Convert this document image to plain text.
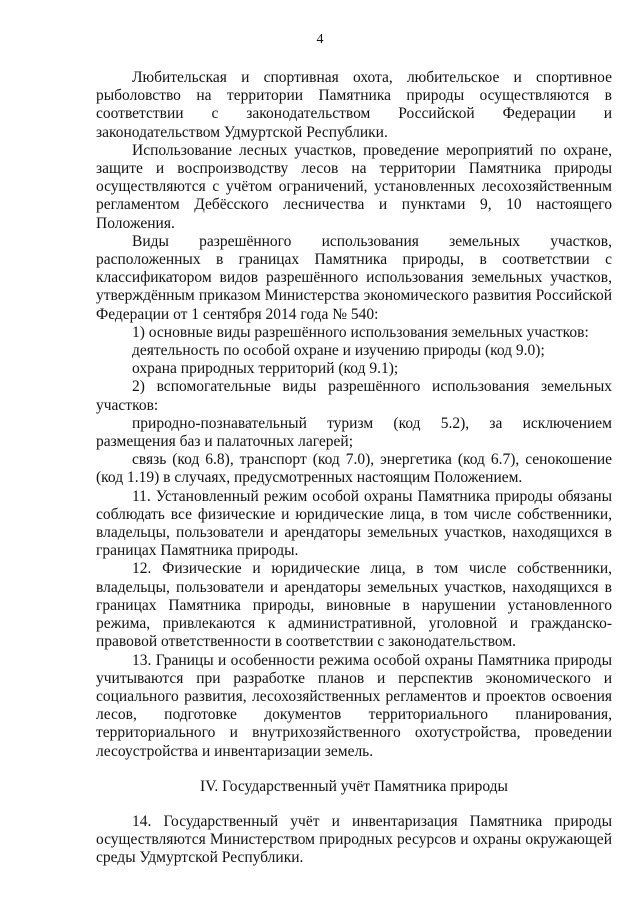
4

Любительская и спортивная охота, любительское и спортивное рыболовство на территории Памятника природы осуществляются в соответствии с законодательством Российской Федерации и законодательством Удмуртской Республики.

Использование лесных участков, проведение мероприятий по охране, защите и воспроизводству лесов на территории Памятника природы осуществляются с учётом ограничений, установленных лесохозяйственным регламентом Дебёсского лесничества и пунктами 9, 10 настоящего Положения.

Виды разрешённого использования земельных участков, расположенных в границах Памятника природы, в соответствии с классификатором видов разрешённого использования земельных участков, утверждённым приказом Министерства экономического развития Российской Федерации от 1 сентября 2014 года № 540:

1) основные виды разрешённого использования земельных участков:

деятельность по особой охране и изучению природы (код 9.0);

охрана природных территорий (код 9.1);

2) вспомогательные виды разрешённого использования земельных участков:

природно-познавательный туризм (код 5.2), за исключением размещения баз и палаточных лагерей;

связь (код 6.8), транспорт (код 7.0), энергетика (код 6.7), сенокошение (код 1.19) в случаях, предусмотренных настоящим Положением.

11. Установленный режим особой охраны Памятника природы обязаны соблюдать все физические и юридические лица, в том числе собственники, владельцы, пользователи и арендаторы земельных участков, находящихся в границах Памятника природы.

12. Физические и юридические лица, в том числе собственники, владельцы, пользователи и арендаторы земельных участков, находящихся в границах Памятника природы, виновные в нарушении установленного режима, привлекаются к административной, уголовной и гражданско-правовой ответственности в соответствии с законодательством.

13. Границы и особенности режима особой охраны Памятника природы учитываются при разработке планов и перспектив экономического и социального развития, лесохозяйственных регламентов и проектов освоения лесов, подготовке документов территориального планирования, территориального и внутрихозяйственного охотустройства, проведении лесоустройства и инвентаризации земель.

IV. Государственный учёт Памятника природы

14. Государственный учёт и инвентаризация Памятника природы осуществляются Министерством природных ресурсов и охраны окружающей среды Удмуртской Республики.
